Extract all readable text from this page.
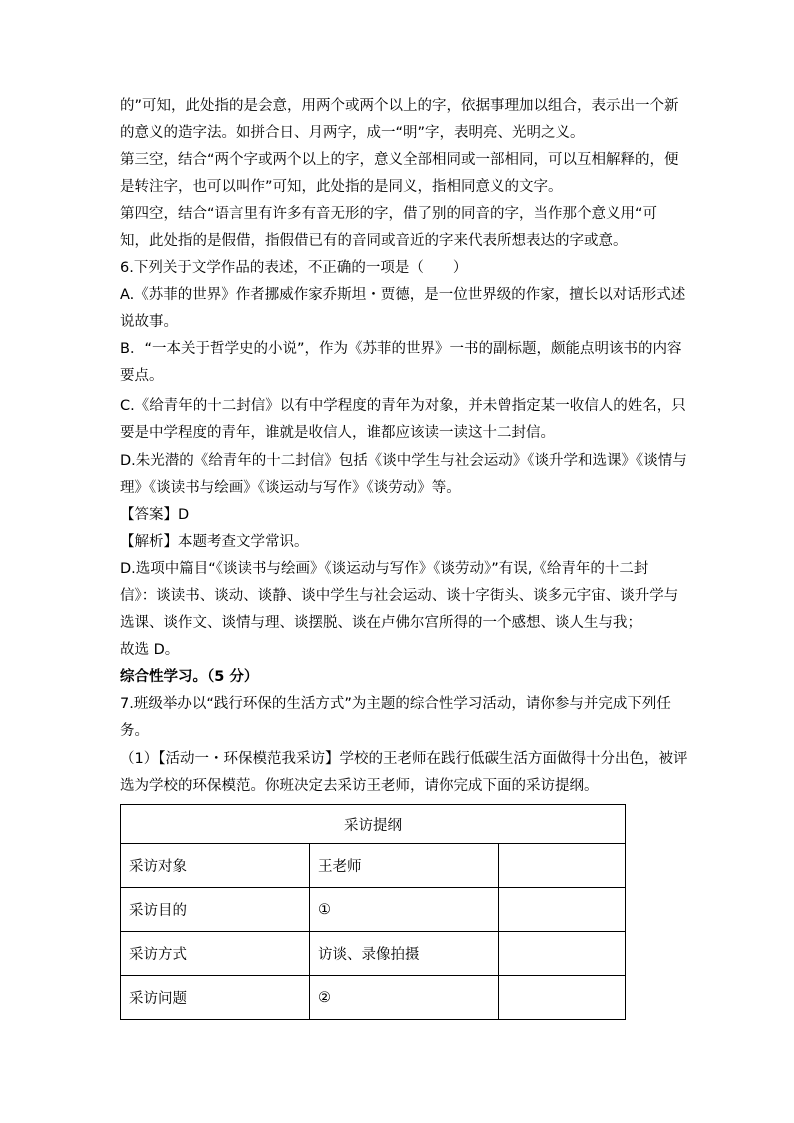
的”可知，此处指的是会意，用两个或两个以上的字，依据事理加以组合，表示出一个新
的意义的造字法。如拼合日、月两字，成一“明”字，表明亮、光明之义。
第三空，结合“两个字或两个以上的字，意义全部相同或一部相同，可以互相解释的，便
是转注字，也可以叫作”可知，此处指的是同义，指相同意义的文字。
第四空，结合“语言里有许多有音无形的字，借了别的同音的字，当作那个意义用“可
知，此处指的是假借，指假借已有的音同或音近的字来代表所想表达的字或意。
6.下列关于文学作品的表述，不正确的一项是（　　）
A.《苏菲的世界》作者挪威作家乔斯坦・贾德，是一位世界级的作家，擅长以对话形式述
说故事。
B．“一本关于哲学史的小说”，作为《苏菲的世界》一书的副标题，颇能点明该书的内容
要点。
C.《给青年的十二封信》以有中学程度的青年为对象，并未曾指定某一收信人的姓名，只
要是中学程度的青年，谁就是收信人，谁都应该读一读这十二封信。
D.朱光潜的《给青年的十二封信》包括《谈中学生与社会运动》《谈升学和选课》《谈情与
理》《谈读书与绘画》《谈运动与写作》《谈劳动》等。
【答案】D
【解析】本题考查文学常识。
D.选项中篇目“《谈读书与绘画》《谈运动与写作》《谈劳动》”有误,《给青年的十二封
信》：谈读书、谈动、谈静、谈中学生与社会运动、谈十字街头、谈多元宇宙、谈升学与
选课、谈作文、谈情与理、谈摆脱、谈在卢佛尔宫所得的一个感想、谈人生与我；
故选 D。
综合性学习。（5 分）
7.班级举办以“践行环保的生活方式”为主题的综合性学习活动，请你参与并完成下列任
务。
（1）【活动一・环保模范我采访】学校的王老师在践行低碳生活方面做得十分出色，被评
选为学校的环保模范。你班决定去采访王老师，请你完成下面的采访提纲。
采访提纲		
采访对象	王老师	
采访目的	①	
采访方式	访谈、录像拍摄	
采访问题	②	
